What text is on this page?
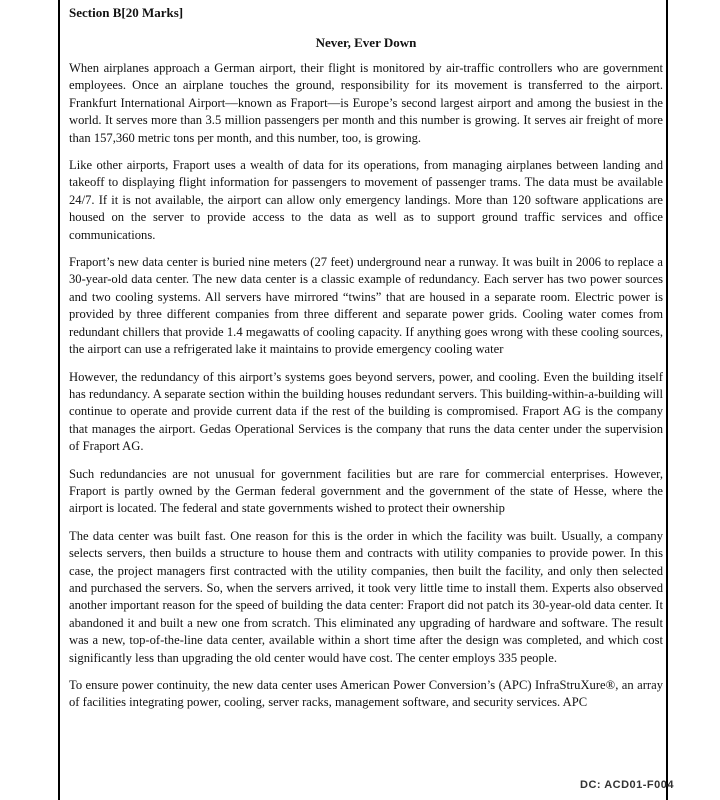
Section B[20 Marks]
Never, Ever Down

When airplanes approach a German airport, their flight is monitored by air-traffic controllers who are government employees. Once an airplane touches the ground, responsibility for its movement is transferred to the airport. Frankfurt International Airport—known as Fraport—is Europe’s second largest airport and among the busiest in the world. It serves more than 3.5 million passengers per month and this number is growing. It serves air freight of more than 157,360 metric tons per month, and this number, too, is growing.

Like other airports, Fraport uses a wealth of data for its operations, from managing airplanes between landing and takeoff to displaying flight information for passengers to movement of passenger trams. The data must be available 24/7. If it is not available, the airport can allow only emergency landings. More than 120 software applications are housed on the server to provide access to the data as well as to support ground traffic services and office communications.

Fraport’s new data center is buried nine meters (27 feet) underground near a runway. It was built in 2006 to replace a 30-year-old data center. The new data center is a classic example of redundancy. Each server has two power sources and two cooling systems. All servers have mirrored “twins” that are housed in a separate room. Electric power is provided by three different companies from three different and separate power grids. Cooling water comes from redundant chillers that provide 1.4 megawatts of cooling capacity. If anything goes wrong with these cooling sources, the airport can use a refrigerated lake it maintains to provide emergency cooling water

However, the redundancy of this airport’s systems goes beyond servers, power, and cooling. Even the building itself has redundancy. A separate section within the building houses redundant servers. This building-within-a-building will continue to operate and provide current data if the rest of the building is compromised. Fraport AG is the company that manages the airport. Gedas Operational Services is the company that runs the data center under the supervision of Fraport AG.

Such redundancies are not unusual for government facilities but are rare for commercial enterprises. However, Fraport is partly owned by the German federal government and the government of the state of Hesse, where the airport is located. The federal and state governments wished to protect their ownership

The data center was built fast. One reason for this is the order in which the facility was built. Usually, a company selects servers, then builds a structure to house them and contracts with utility companies to provide power. In this case, the project managers first contracted with the utility companies, then built the facility, and only then selected and purchased the servers. So, when the servers arrived, it took very little time to install them. Experts also observed another important reason for the speed of building the data center: Fraport did not patch its 30-year-old data center. It abandoned it and built a new one from scratch. This eliminated any upgrading of hardware and software. The result was a new, top-of-the-line data center, available within a short time after the design was completed, and which cost significantly less than upgrading the old center would have cost. The center employs 335 people.

To ensure power continuity, the new data center uses American Power Conversion’s (APC) InfraStruXure®, an array of facilities integrating power, cooling, server racks, management software, and security services. APC

DC: ACD01-F004
